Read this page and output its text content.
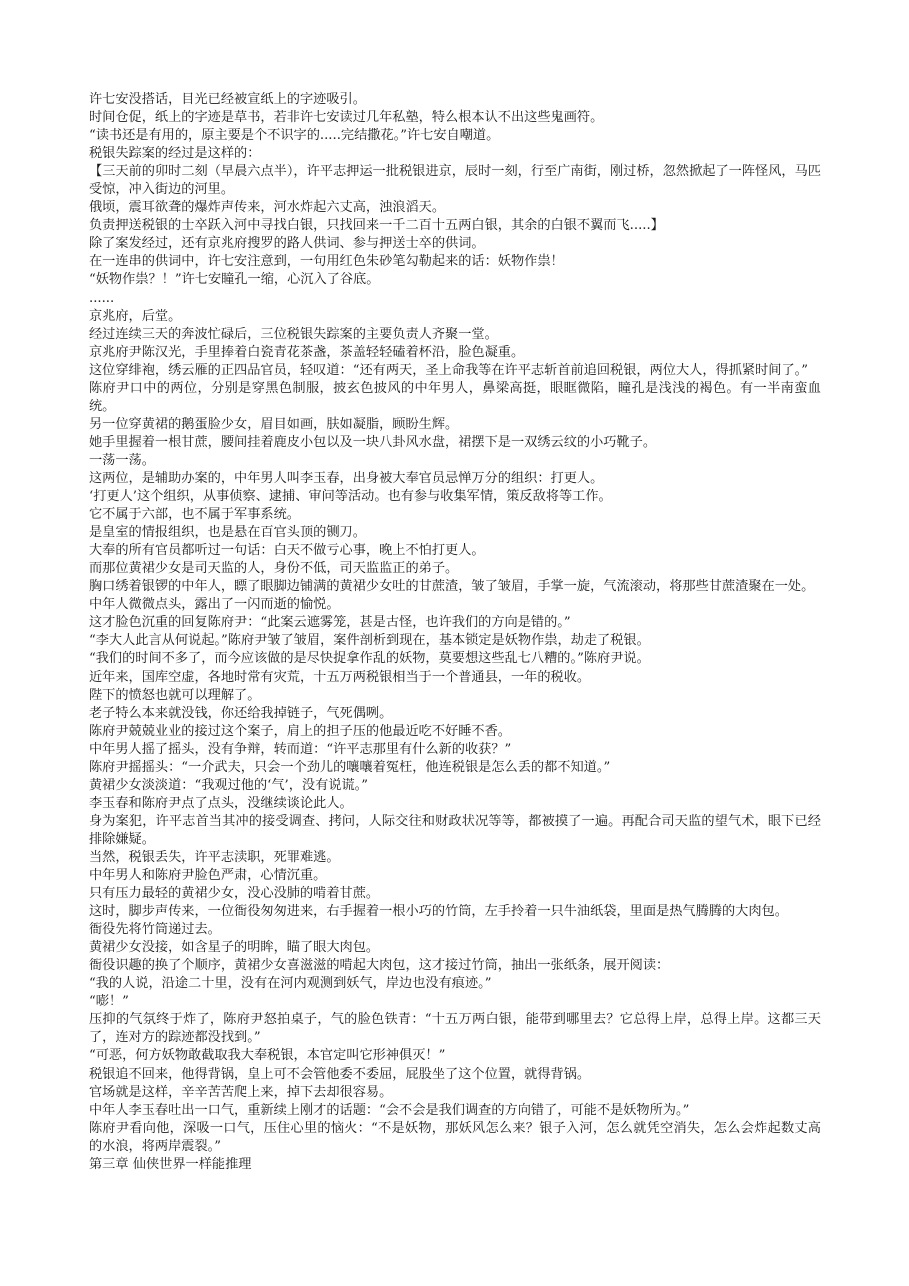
许七安没搭话，目光已经被宣纸上的字迹吸引。

时间仓促，纸上的字迹是草书，若非许七安读过几年私塾，特么根本认不出这些鬼画符。

“读书还是有用的，原主要是个不识字的.....完结撒花。”许七安自嘲道。

税银失踪案的经过是这样的：

【三天前的卯时二刻（早晨六点半），许平志押运一批税银进京，辰时一刻，行至广南街，刚过桥，忽然掀起了一阵怪风，马匹受惊，冲入街边的河里。

俄顷，震耳欲聋的爆炸声传来，河水炸起六丈高，浊浪滔天。

负责押送税银的士卒跃入河中寻找白银，只找回来一千二百十五两白银，其余的白银不翼而飞.....】

除了案发经过，还有京兆府搜罗的路人供词、参与押送士卒的供词。

在一连串的供词中，许七安注意到，一句用红色朱砂笔勾勒起来的话：妖物作祟！

“妖物作祟？！”许七安瞳孔一缩，心沉入了谷底。

......

京兆府，后堂。

经过连续三天的奔波忙碌后，三位税银失踪案的主要负责人齐聚一堂。

京兆府尹陈汉光，手里捧着白瓷青花茶盏，茶盖轻轻磕着杯沿，脸色凝重。

这位穿绯袍，绣云雁的正四品官员，轻叹道：“还有两天，圣上命我等在许平志斩首前追回税银，两位大人，得抓紧时间了。”

陈府尹口中的两位，分别是穿黑色制服，披玄色披风的中年男人，鼻梁高挺，眼眶微陷，瞳孔是浅浅的褐色。有一半南蛮血统。

另一位穿黄裙的鹅蛋脸少女，眉目如画，肤如凝脂，顾盼生辉。

她手里握着一根甘蔗，腰间挂着鹿皮小包以及一块八卦风水盘，裙摆下是一双绣云纹的小巧靴子。

一荡一荡。

这两位，是辅助办案的，中年男人叫李玉春，出身被大奉官员忌惮万分的组织：打更人。

‘打更人’这个组织，从事侦察、逮捕、审问等活动。也有参与收集军情，策反敌将等工作。

它不属于六部，也不属于军事系统。

是皇室的情报组织，也是悬在百官头顶的铡刀。

大奉的所有官员都听过一句话：白天不做亏心事，晚上不怕打更人。

而那位黄裙少女是司天监的人，身份不低，司天监监正的弟子。

胸口绣着银锣的中年人，瞟了眼脚边铺满的黄裙少女吐的甘蔗渣，皱了皱眉，手掌一旋，气流滚动，将那些甘蔗渣聚在一处。

中年人微微点头，露出了一闪而逝的愉悦。

这才脸色沉重的回复陈府尹：“此案云遮雾笼，甚是古怪，也许我们的方向是错的。”

“李大人此言从何说起。”陈府尹皱了皱眉，案件剖析到现在，基本锁定是妖物作祟，劫走了税银。

“我们的时间不多了，而今应该做的是尽快捉拿作乱的妖物，莫要想这些乱七八糟的。”陈府尹说。

近年来，国库空虚，各地时常有灾荒，十五万两税银相当于一个普通县，一年的税收。

陛下的愤怒也就可以理解了。

老子特么本来就没钱，你还给我掉链子，气死偶咧。

陈府尹兢兢业业的接过这个案子，肩上的担子压的他最近吃不好睡不香。

中年男人摇了摇头，没有争辩，转而道：“许平志那里有什么新的收获？”

陈府尹摇摇头：“一介武夫，只会一个劲儿的嚷嚷着冤枉，他连税银是怎么丢的都不知道。”

黄裙少女淡淡道：“我观过他的‘气’，没有说谎。”

李玉春和陈府尹点了点头，没继续谈论此人。

身为案犯，许平志首当其冲的接受调查、拷问，人际交往和财政状况等等，都被摸了一遍。再配合司天监的望气术，眼下已经排除嫌疑。

当然，税银丢失，许平志渎职，死罪难逃。

中年男人和陈府尹脸色严肃，心情沉重。

只有压力最轻的黄裙少女，没心没肺的啃着甘蔗。

这时，脚步声传来，一位衙役匆匆进来，右手握着一根小巧的竹筒，左手拎着一只牛油纸袋，里面是热气腾腾的大肉包。

衙役先将竹筒递过去。

黄裙少女没接，如含星子的明眸，瞄了眼大肉包。

衙役识趣的换了个顺序，黄裙少女喜滋滋的啃起大肉包，这才接过竹筒，抽出一张纸条，展开阅读：

“我的人说，沿途二十里，没有在河内观测到妖气，岸边也没有痕迹。”

“嘭！”

压抑的气氛终于炸了，陈府尹怒拍桌子，气的脸色铁青：“十五万两白银，能带到哪里去？它总得上岸，总得上岸。这都三天了，连对方的踪迹都没找到。”

“可恶，何方妖物敢截取我大奉税银，本官定叫它形神俱灭！”

税银追不回来，他得背锅，皇上可不会管他委不委屈，屁股坐了这个位置，就得背锅。

官场就是这样，辛辛苦苦爬上来，掉下去却很容易。

中年人李玉春吐出一口气，重新续上刚才的话题：“会不会是我们调查的方向错了，可能不是妖物所为。”

陈府尹看向他，深吸一口气，压住心里的恼火：“不是妖物，那妖风怎么来？银子入河，怎么就凭空消失，怎么会炸起数丈高的水浪，将两岸震裂。”

第三章 仙侠世界一样能推理
